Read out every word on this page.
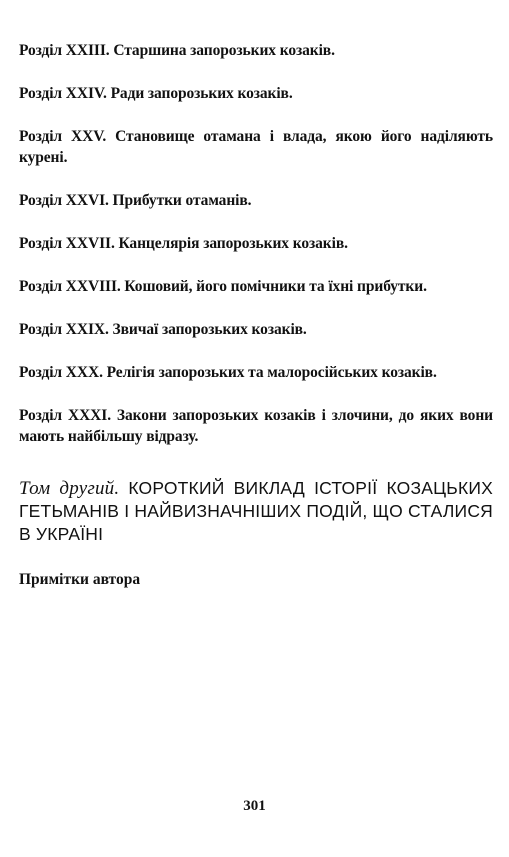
Розділ XXIII. Старшина запорозьких козаків.

Розділ XXIV. Ради запорозьких козаків.

Розділ XXV. Становище отамана і влада, якою його наділяють курені.

Розділ XXVI. Прибутки отаманів.

Розділ XXVII. Канцелярія запорозьких козаків.

Розділ XXVIII. Кошовий, його помічники та їхні прибутки.

Розділ XXIX. Звичаї запорозьких козаків.

Розділ XXX. Релігія запорозьких та малоросійських козаків.

Розділ XXXI. Закони запорозьких козаків і злочини, до яких вони мають найбільшу відразу.

Том другий. КОРОТКИЙ ВИКЛАД ІСТОРІЇ КОЗАЦЬКИХ ГЕТЬМАНІВ І НАЙВИЗНАЧНІШИХ ПОДІЙ, ЩО СТАЛИСЯ В УКРАЇНІ

Примітки автора

301
